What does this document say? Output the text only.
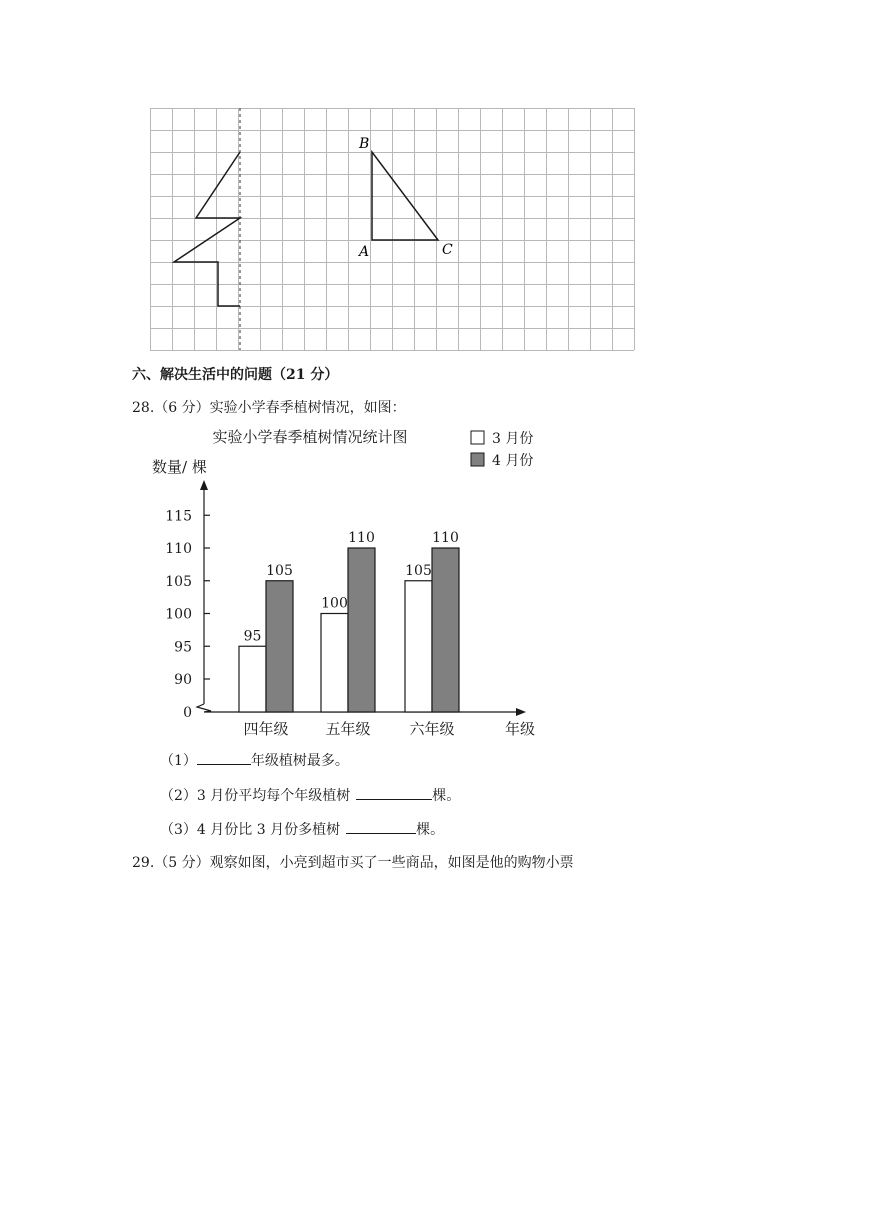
B
A	C
六、解决生活中的问题（21 分）
28.（6 分）实验小学春季植树情况，如图：
实验小学春季植树情况统计图
数量/ 棵
3 月份
4 月份
年级
0
90
95
100
105
110
115
四年级
95
105
五年级
100
110
六年级
105
110
（1）	年级植树最多。
（2）3 月份平均每个年级植树	棵。
（3）4 月份比 3 月份多植树	棵。
29.（5 分）观察如图，小亮到超市买了一些商品，如图是他的购物小票
